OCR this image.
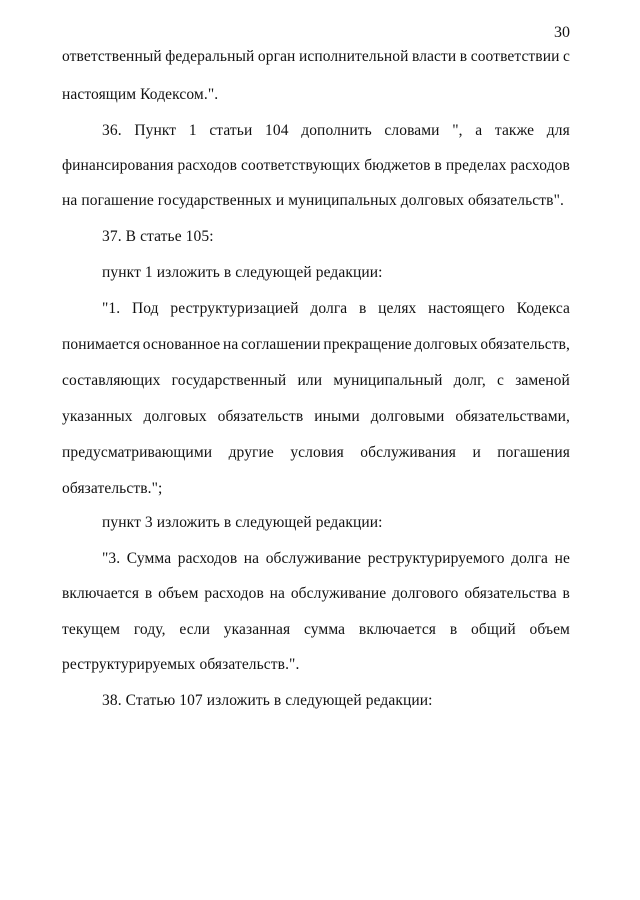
30
ответственный федеральный орган исполнительной власти в соответствии с
настоящим Кодексом.".
36. Пункт 1 статьи 104 дополнить словами ", а также для
финансирования расходов соответствующих бюджетов в пределах расходов
на погашение государственных и муниципальных долговых обязательств".
37. В статье 105:
пункт 1 изложить в следующей редакции:
"1. Под реструктуризацией долга в целях настоящего Кодекса
понимается основанное на соглашении прекращение долговых обязательств,
составляющих государственный или муниципальный долг, с заменой
указанных долговых обязательств иными долговыми обязательствами,
предусматривающими другие условия обслуживания и погашения
обязательств.";
пункт 3 изложить в следующей редакции:
"3. Сумма расходов на обслуживание реструктурируемого долга не
включается в объем расходов на обслуживание долгового обязательства в
текущем году, если указанная сумма включается в общий объем
реструктурируемых обязательств.".
38. Статью 107 изложить в следующей редакции:
